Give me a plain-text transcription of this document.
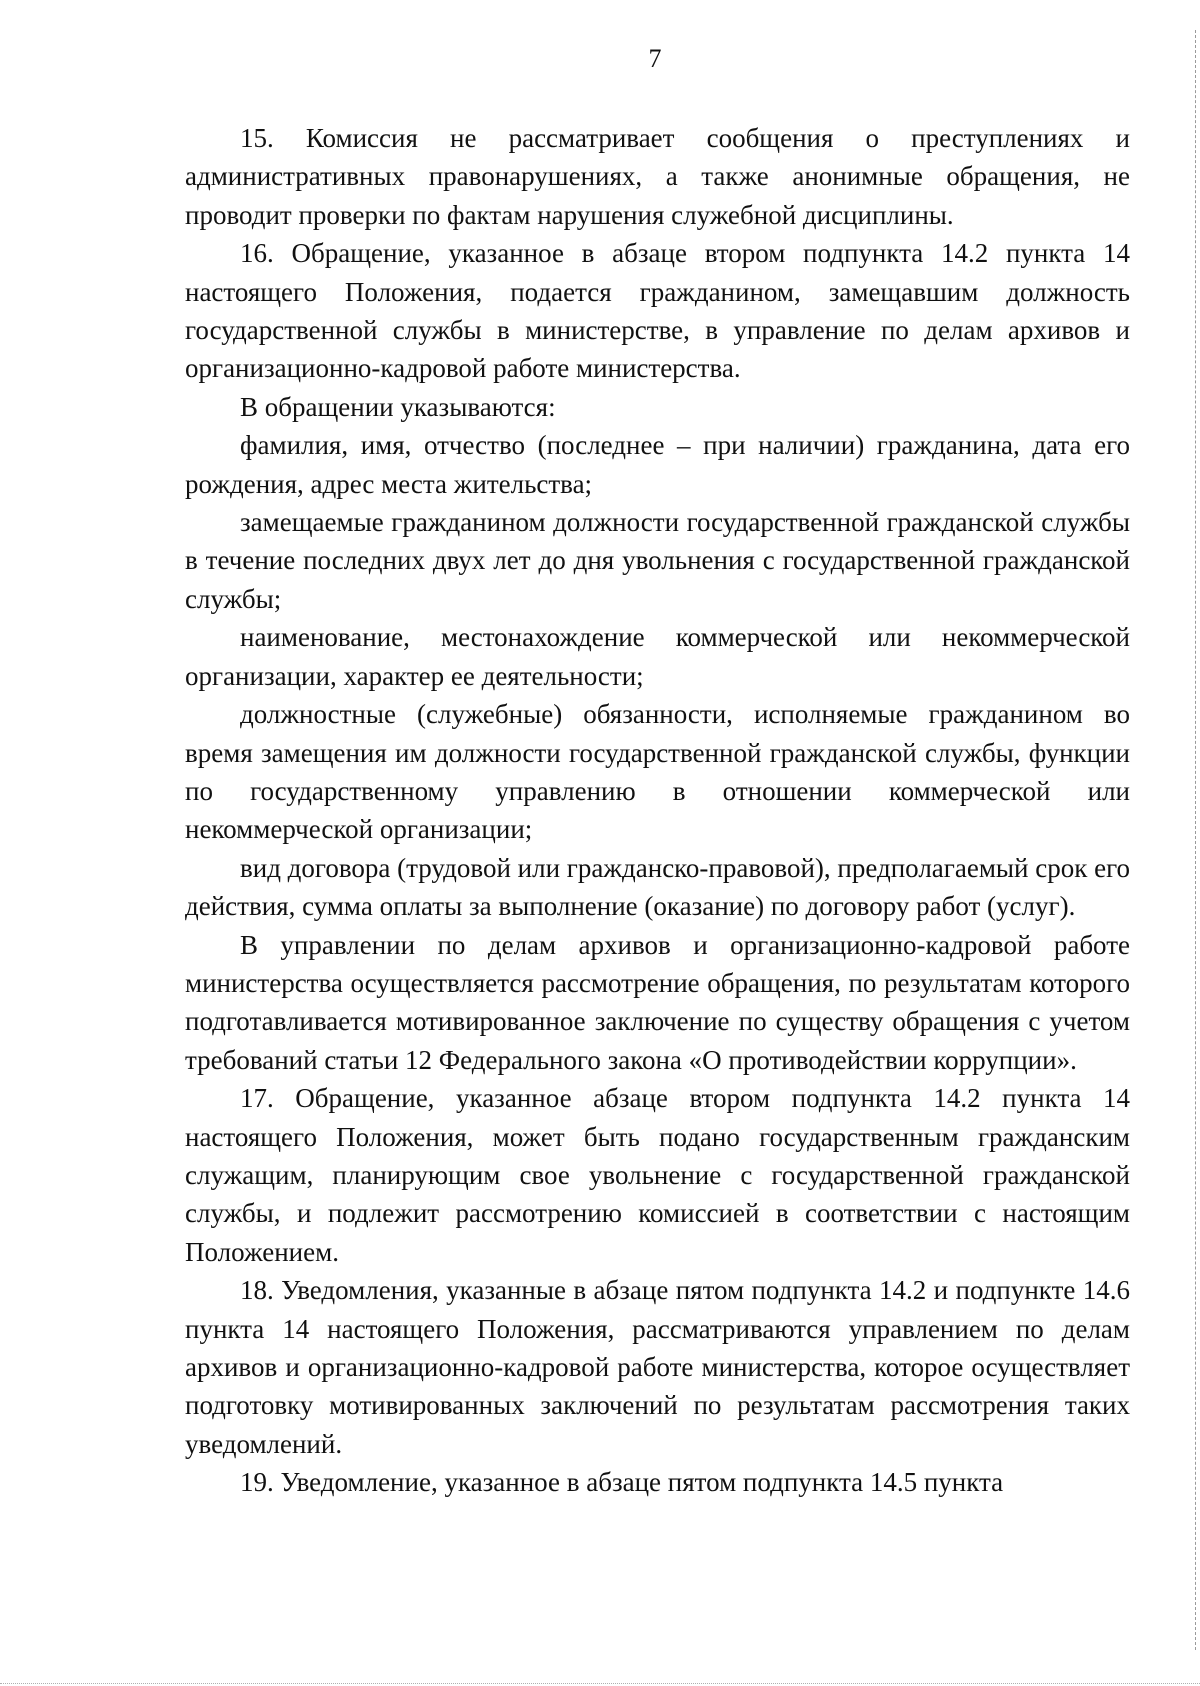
7

15. Комиссия не рассматривает сообщения о преступлениях и административных правонарушениях, а также анонимные обращения, не проводит проверки по фактам нарушения служебной дисциплины.

16. Обращение, указанное в абзаце втором подпункта 14.2 пункта 14 настоящего Положения, подается гражданином, замещавшим должность государственной службы в министерстве, в управление по делам архивов и организационно-кадровой работе министерства.

В обращении указываются:

фамилия, имя, отчество (последнее – при наличии) гражданина, дата его рождения, адрес места жительства;

замещаемые гражданином должности государственной гражданской службы в течение последних двух лет до дня увольнения с государственной гражданской службы;

наименование, местонахождение коммерческой или некоммерческой организации, характер ее деятельности;

должностные (служебные) обязанности, исполняемые гражданином во время замещения им должности государственной гражданской службы, функции по государственному управлению в отношении коммерческой или некоммерческой организации;

вид договора (трудовой или гражданско-правовой), предполагаемый срок его действия, сумма оплаты за выполнение (оказание) по договору работ (услуг).

В управлении по делам архивов и организационно-кадровой работе министерства осуществляется рассмотрение обращения, по результатам которого подготавливается мотивированное заключение по существу обращения с учетом требований статьи 12 Федерального закона «О противодействии коррупции».

17. Обращение, указанное абзаце втором подпункта 14.2 пункта 14 настоящего Положения, может быть подано государственным гражданским служащим, планирующим свое увольнение с государственной гражданской службы, и подлежит рассмотрению комиссией в соответствии с настоящим Положением.

18. Уведомления, указанные в абзаце пятом подпункта 14.2 и подпункте 14.6 пункта 14 настоящего Положения, рассматриваются управлением по делам архивов и организационно-кадровой работе министерства, которое осуществляет подготовку мотивированных заключений по результатам рассмотрения таких уведомлений.

19. Уведомление, указанное в абзаце пятом подпункта 14.5 пункта
